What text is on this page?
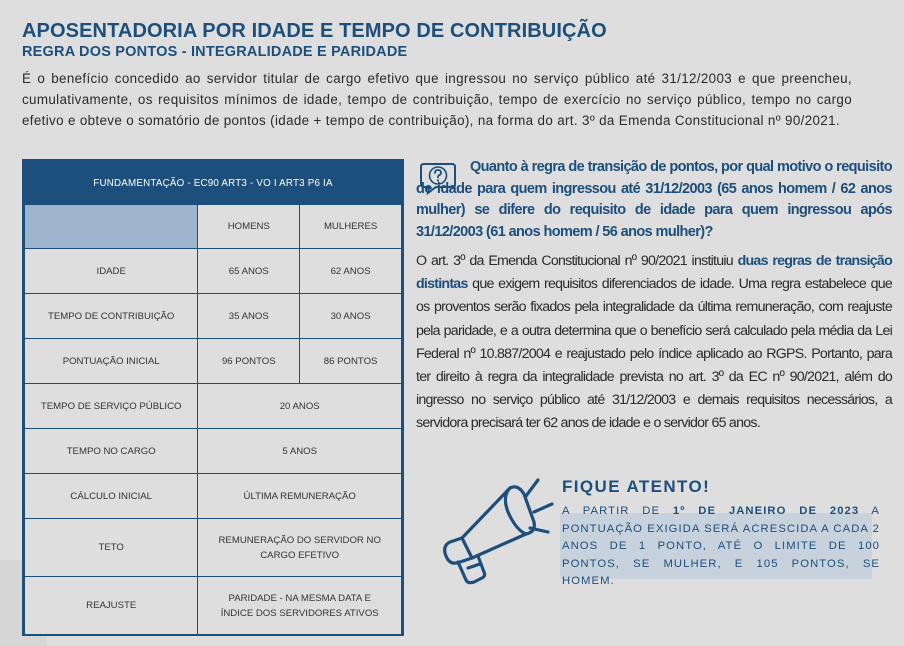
APOSENTADORIA POR IDADE E TEMPO DE CONTRIBUIÇÃO
REGRA DOS PONTOS - INTEGRALIDADE E PARIDADE

É o benefício concedido ao servidor titular de cargo efetivo que ingressou no serviço público até 31/12/2003 e que preencheu, cumulativamente, os requisitos mínimos de idade, tempo de contribuição, tempo de exercício no serviço público, tempo no cargo efetivo e obteve o somatório de pontos (idade + tempo de contribuição), na forma do art. 3º da Emenda Constitucional nº 90/2021.

FUNDAMENTAÇÃO - EC90 ART3 - VO I ART3 P6 IA		
	HOMENS	MULHERES
IDADE	65 ANOS	62 ANOS
TEMPO DE CONTRIBUIÇÃO	35 ANOS	30 ANOS
PONTUAÇÃO INICIAL	96 PONTOS	86 PONTOS
TEMPO DE SERVIÇO PÚBLICO	20 ANOS	
TEMPO NO CARGO	5 ANOS	
CÁLCULO INICIAL	ÚLTIMA REMUNERAÇÃO	
TETO	REMUNERAÇÃO DO SERVIDOR NO CARGO EFETIVO	
REAJUSTE	PARIDADE - NA MESMA DATA E ÍNDICE DOS SERVIDORES ATIVOS	

Quanto à regra de transição de pontos, por qual motivo o requisito de idade para quem ingressou até 31/12/2003 (65 anos homem / 62 anos mulher) se difere do requisito de idade para quem ingressou após 31/12/2003 (61 anos homem / 56 anos mulher)?

O art. 3º da Emenda Constitucional nº 90/2021 instituiu duas regras de transição distintas que exigem requisitos diferenciados de idade. Uma regra estabelece que os proventos serão fixados pela integralidade da última remuneração, com reajuste pela paridade, e a outra determina que o benefício será calculado pela média da Lei Federal nº 10.887/2004 e reajustado pelo índice aplicado ao RGPS. Portanto, para ter direito à regra da integralidade prevista no art. 3º da EC nº 90/2021, além do ingresso no serviço público até 31/12/2003 e demais requisitos necessários, a servidora precisará ter 62 anos de idade e o servidor 65 anos.

FIQUE ATENTO!

A PARTIR DE 1º DE JANEIRO DE 2023 A PONTUAÇÃO EXIGIDA SERÁ ACRESCIDA A CADA 2 ANOS DE 1 PONTO, ATÉ O LIMITE DE 100 PONTOS, SE MULHER, E 105 PONTOS, SE HOMEM.
